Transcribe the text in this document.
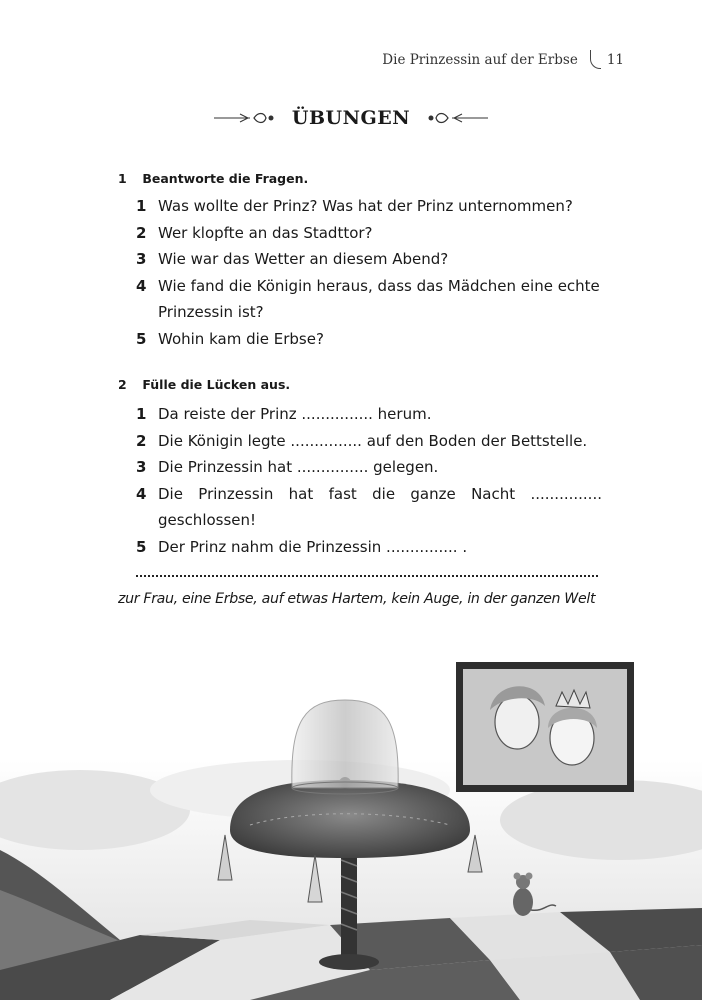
Die Prinzessin auf der Erbse 11
ÜBUNGEN
1 Beantworte die Fragen.
1 Was wollte der Prinz? Was hat der Prinz unternommen?
2 Wer klopfte an das Stadttor?
3 Wie war das Wetter an diesem Abend?
4 Wie fand die Königin heraus, dass das Mädchen eine echte
Prinzessin ist?
5 Wohin kam die Erbse?
2 Fülle die Lücken aus.
1 Da reiste der Prinz ............... herum.
2 Die Königin legte ............... auf den Boden der Bettstelle.
3 Die Prinzessin hat ............... gelegen.
4 Die Prinzessin hat fast die ganze Nacht ...............
geschlossen!
5 Der Prinz nahm die Prinzessin ............... .
zur Frau, eine Erbse, auf etwas Hartem, kein Auge, in der ganzen Welt
